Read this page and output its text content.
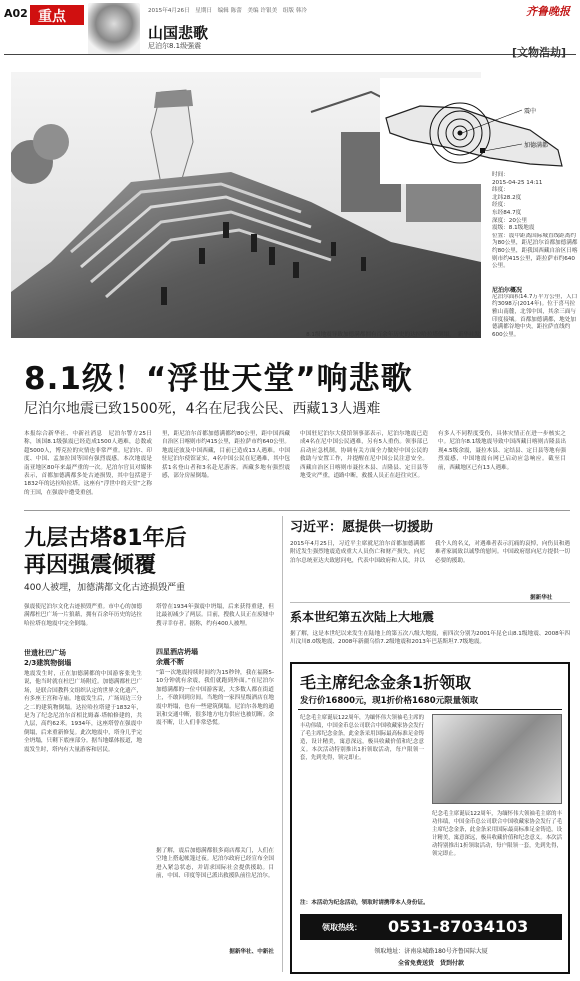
A02 重点
山国悲歌
尼泊尔8.1级强震
2015年4月26日　星期日　编辑 陈蕾　美编 许银美　组版 韩冷	齐鲁晚报
[文物浩劫]
震中
加德满都
时间：
2015-04-25 14:11
纬度：
北纬28.2度
经度：
东经84.7度
深度：20公里
震级：8.1级地震
位置：震中距离国际城直线距离约为80公里，距尼泊尔首都加德满都约80公里，距我国西藏自治区日喀则市约415公里，距拉萨市约640公里。
尼泊尔概况
尼泊尔面积14.7万平方公里，人口约3098万(2014年)。位于喜马拉雅山南麓，北邻中国，其余三面与印度接壤。首都加德满都，地处加德满都谷地中央，距拉萨直线约600公里。
8.1级地震导致加德满都拥有百余年历史的达拉哈拉塔倒塌。　新华社发
8.1级！“浮世天堂”响悲歌
尼泊尔地震已致1500死，4名在尼我公民、西藏13人遇难
本报综合新华社、中新社消息　尼泊尔警方25日称，该国8.1级强震已经造成1500人遇难，总数或超5000人，博克拉的灾情也非常严重。尼泊尔、印度、中国、孟加拉国等国有强烈震感。本次地震是南亚地区80年来最严重的一次。尼泊尔官员对媒体表示，首都加德满都多处古迹损毁，其中包括建于1832年的达拉哈拉塔。这座有“浮世中的天堂”之称的王国，在强震中遭受重创。
里，距尼泊尔首都加德满都约80公里，距中国西藏自治区日喀则市约415公里，距拉萨市约640公里。地震还波及中国西藏，目前已造成13人遇难。中国驻尼泊尔使馆证实，4名中国公民在尼遇难，其中包括1名登山者和3名赴尼游客。西藏多地有强烈震感，部分房屋倒塌。
中国驻尼泊尔大使馆领事部表示，尼泊尔地震已造成4名在尼中国公民遇难，另有5人重伤。领事部已启动应急机制，协调有关方面全力做好中国公民的救助与安置工作，并提醒在尼中国公民注意安全。西藏自治区日喀则市聂拉木县、吉隆县、定日县等地受灾严重，道路中断，救援人员正在赶往灾区。
有多人不同程度受伤，具体灾情正在进一步核实之中。尼泊尔8.1级地震导致中国西藏日喀则吉隆县出现4.5级余震，聂拉木县、定结县、定日县等地有强烈震感，中国地震台网已启动应急响应。截至目前，西藏地区已有13人遇难。
九层古塔81年后
再因强震倾覆
400人被埋，加德满都文化古迹损毁严重
强震使尼泊尔文化古迹损毁严重。市中心的加德满都杜巴广场一片狼藉，拥有百余年历史的达拉哈拉塔在地震中完全倒塌。
世遗杜巴广场
2/3建筑物倒塌
地震发生时，正在加德满都的中国游客张先生说，他当时就在杜巴广场附近。加德满都杜巴广场，是联合国教科文组织认定的世界文化遗产，有多座王宫和寺庙。地震发生后，广场周边三分之二的建筑物倒塌。达拉哈拉塔建于1832年，是为了纪念尼泊尔首相比姆森·塔帕修建的，共九层，高约62米。1934年，这座塔曾在强震中倒塌，后来重新修复。此次地震中，塔身几乎完全坍塌，只剩下底座部分。据当地媒体报道，地震发生时，塔内有大量游客和居民。
塔曾在1934年强震中坍塌，后来获得重建，但比最初减少了两层。目前，搜救人员正在废墟中搜寻幸存者。据称，约有400人被埋。
四星酒店坍塌
余震不断
“第一次地震持续时间约为15秒钟，我在福隆5-10分钟就有余震，我们就跑到外面。”在尼泊尔加德满都的一位中国游客说，大多数人都在街道上，不敢回到房间。当地的一家四星级酒店在地震中坍塌，也有一些建筑倒塌。尼泊尔各地的通讯和交通中断，很多地方电力供应也被切断。余震不断，让人们非常恐慌。
据了解，震后加德满都很多商店都关门，人们在空地上搭起帐篷过夜。尼泊尔政府已经宣布全国进入紧急状态，并请求国际社会提供援助。目前，中国、印度等国已派出救援队前往尼泊尔。
据新华社、中新社
习近平：愿提供一切援助
2015年4月25日，习近平主席就尼泊尔首都加德满都附近发生强烈地震造成重大人员伤亡和财产损失，向尼泊尔总统亚达夫致慰问电，代表中国政府和人民，并以我个人的名义，对遇难者表示沉痛的哀悼，向伤员和遇难者家属致以诚挚的慰问。中国政府愿向尼方提供一切必要的援助。
据新华社
系本世纪第五次陆上大地震
据了解，这是本世纪以来发生在陆地上的第五次八级大地震，前四次分别为2001年昆仑山8.1级地震、2008年四川汶川8.0级地震、2008年新疆乌恰7.2级地震和2013年巴基斯坦7.7级地震。
毛主席纪念金条1折领取
发行价16800元，现1折价格1680元限量领取
纪念毛主席诞辰122周年，为缅怀伟大领袖毛主席的丰功伟绩，中国金币总公司联合中国收藏家协会发行了毛主席纪念金条，此金条采用国际最高标准足金铸造，设计精美，寓意深远，极具收藏价值和纪念意义。本次活动特别推出1折领取活动，每户限领一套，先到先得，领完即止。
纪念毛主席诞辰122周年，为缅怀伟大领袖毛主席的丰功伟绩，中国金币总公司联合中国收藏家协会发行了毛主席纪念金条，此金条采用国际最高标准足金铸造，设计精美，寓意深远，极具收藏价值和纪念意义。本次活动特别推出1折领取活动，每户限领一套，先到先得，领完即止。
注：本活动为纪念活动，领取时请携带本人身份证。
领取热线： 0531-87034103
领取地址：济南泉城路180号齐鲁国际大厦
全省免费送货　货到付款
